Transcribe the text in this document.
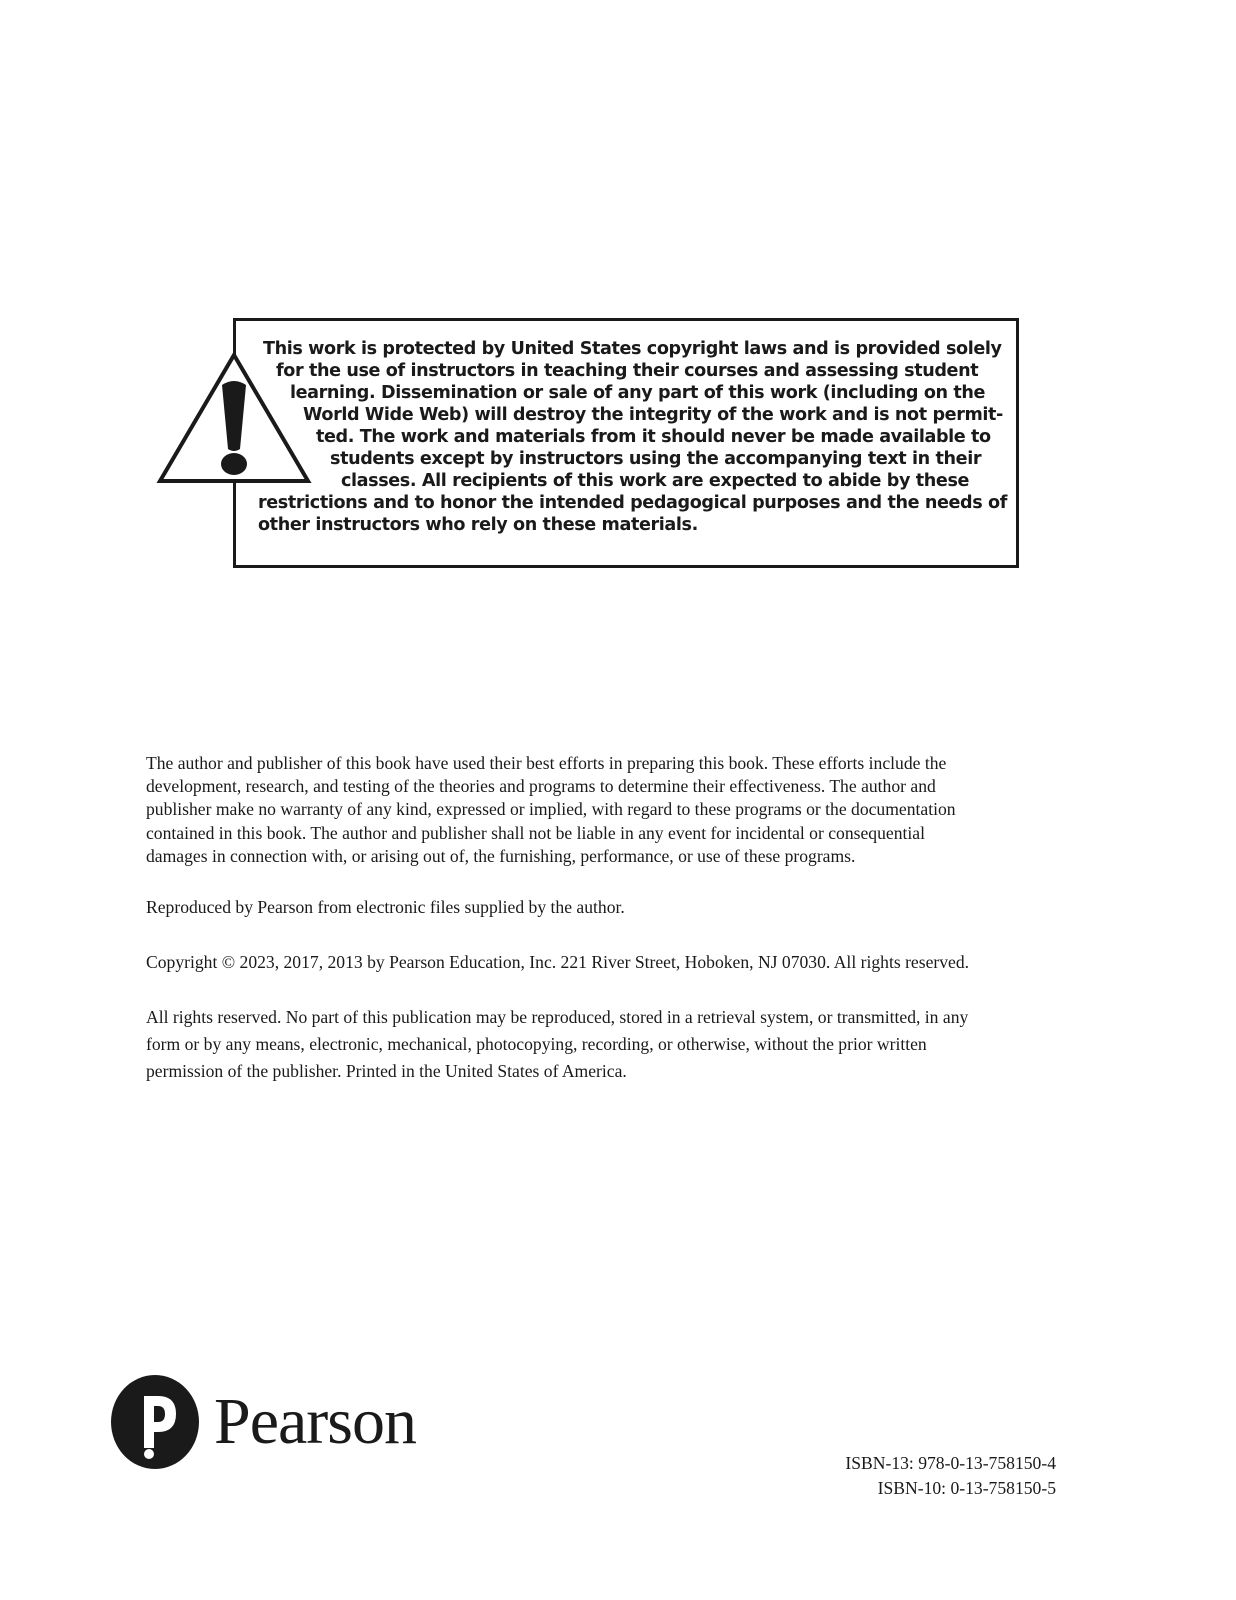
This work is protected by United States copyright laws and is provided solely
for the use of instructors in teaching their courses and assessing student
learning. Dissemination or sale of any part of this work (including on the
World Wide Web) will destroy the integrity of the work and is not permit-
ted. The work and materials from it should never be made available to
students except by instructors using the accompanying text in their
classes. All recipients of this work are expected to abide by these
restrictions and to honor the intended pedagogical purposes and the needs of
other instructors who rely on these materials.
The author and publisher of this book have used their best efforts in preparing this book. These efforts include the
development, research, and testing of the theories and programs to determine their effectiveness. The author and
publisher make no warranty of any kind, expressed or implied, with regard to these programs or the documentation
contained in this book. The author and publisher shall not be liable in any event for incidental or consequential
damages in connection with, or arising out of, the furnishing, performance, or use of these programs.
Reproduced by Pearson from electronic files supplied by the author.
Copyright © 2023, 2017, 2013 by Pearson Education, Inc. 221 River Street, Hoboken, NJ 07030. All rights reserved.
All rights reserved. No part of this publication may be reproduced, stored in a retrieval system, or transmitted, in any
form or by any means, electronic, mechanical, photocopying, recording, or otherwise, without the prior written
permission of the publisher. Printed in the United States of America.
Pearson
ISBN-13: 978-0-13-758150-4
ISBN-10: 0-13-758150-5
